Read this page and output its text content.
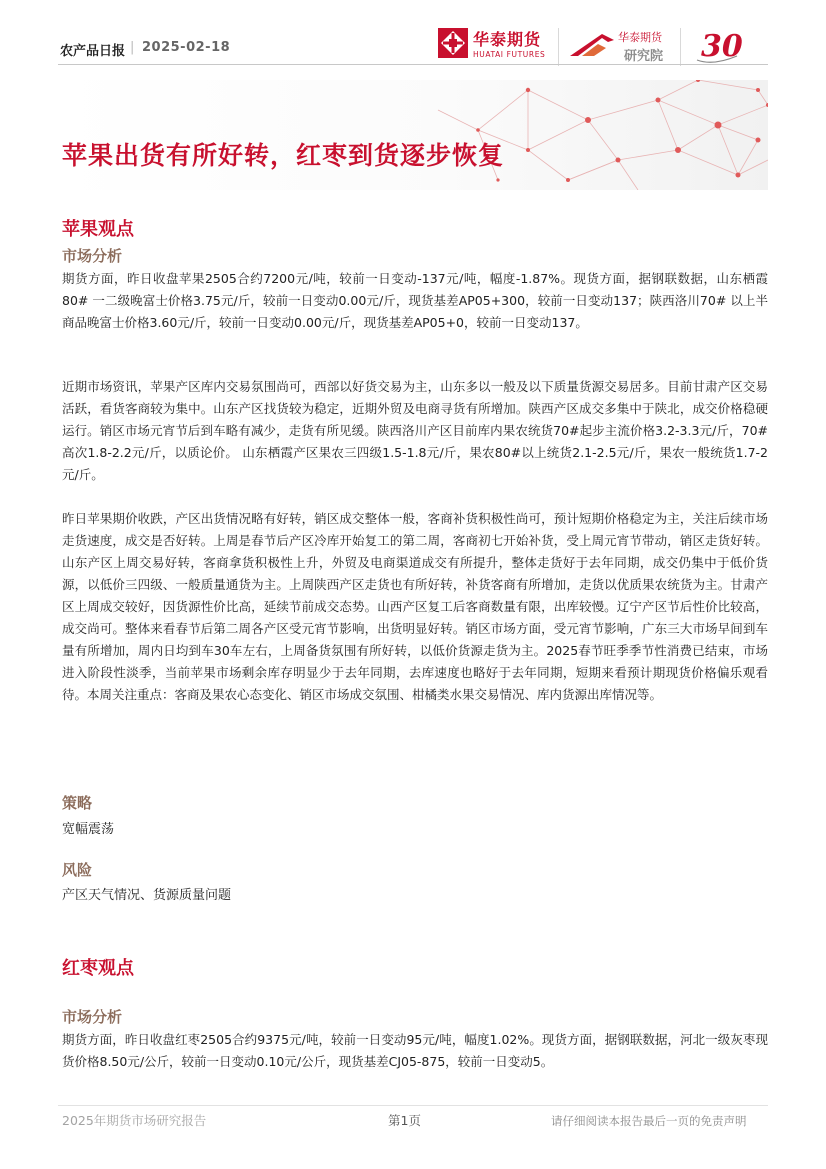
农产品日报 | 2025-02-18	华泰期货
HUATAI FUTURES
华泰期货
研究院 30
苹果出货有所好转，红枣到货逐步恢复
苹果观点
市场分析
期货方面，昨日收盘苹果2505合约7200元/吨，较前一日变动-137元/吨，幅度-1.87%。现货方面，据钢联数据，山东栖霞80# 一二级晚富士价格3.75元/斤，较前一日变动0.00元/斤，现货基差AP05+300，较前一日变动137；陕西洛川70# 以上半商品晚富士价格3.60元/斤，较前一日变动0.00元/斤，现货基差AP05+0，较前一日变动137。
近期市场资讯，苹果产区库内交易氛围尚可，西部以好货交易为主，山东多以一般及以下质量货源交易居多。目前甘肃产区交易活跃，看货客商较为集中。山东产区找货较为稳定，近期外贸及电商寻货有所增加。陕西产区成交多集中于陕北，成交价格稳硬运行。销区市场元宵节后到车略有减少，走货有所见缓。陕西洛川产区目前库内果农统货70#起步主流价格3.2-3.3元/斤，70#高次1.8-2.2元/斤，以质论价。 山东栖霞产区果农三四级1.5-1.8元/斤，果农80#以上统货2.1-2.5元/斤，果农一般统货1.7-2元/斤。
昨日苹果期价收跌，产区出货情况略有好转，销区成交整体一般，客商补货积极性尚可，预计短期价格稳定为主，关注后续市场走货速度，成交是否好转。上周是春节后产区冷库开始复工的第二周，客商初七开始补货，受上周元宵节带动，销区走货好转。山东产区上周交易好转，客商拿货积极性上升，外贸及电商渠道成交有所提升，整体走货好于去年同期，成交仍集中于低价货源，以低价三四级、一般质量通货为主。上周陕西产区走货也有所好转，补货客商有所增加，走货以优质果农统货为主。甘肃产区上周成交较好，因货源性价比高，延续节前成交态势。山西产区复工后客商数量有限，出库较慢。辽宁产区节后性价比较高，成交尚可。整体来看春节后第二周各产区受元宵节影响，出货明显好转。销区市场方面，受元宵节影响，广东三大市场早间到车量有所增加，周内日均到车30车左右，上周备货氛围有所好转，以低价货源走货为主。2025春节旺季季节性消费已结束，市场进入阶段性淡季，当前苹果市场剩余库存明显少于去年同期，去库速度也略好于去年同期，短期来看预计期现货价格偏乐观看待。本周关注重点：客商及果农心态变化、销区市场成交氛围、柑橘类水果交易情况、库内货源出库情况等。
策略
宽幅震荡
风险
产区天气情况、货源质量问题
红枣观点
市场分析
期货方面，昨日收盘红枣2505合约9375元/吨，较前一日变动95元/吨，幅度1.02%。现货方面，据钢联数据，河北一级灰枣现货价格8.50元/公斤，较前一日变动0.10元/公斤，现货基差CJ05-875，较前一日变动5。
2025年期货市场研究报告	第1页	请仔细阅读本报告最后一页的免责声明
